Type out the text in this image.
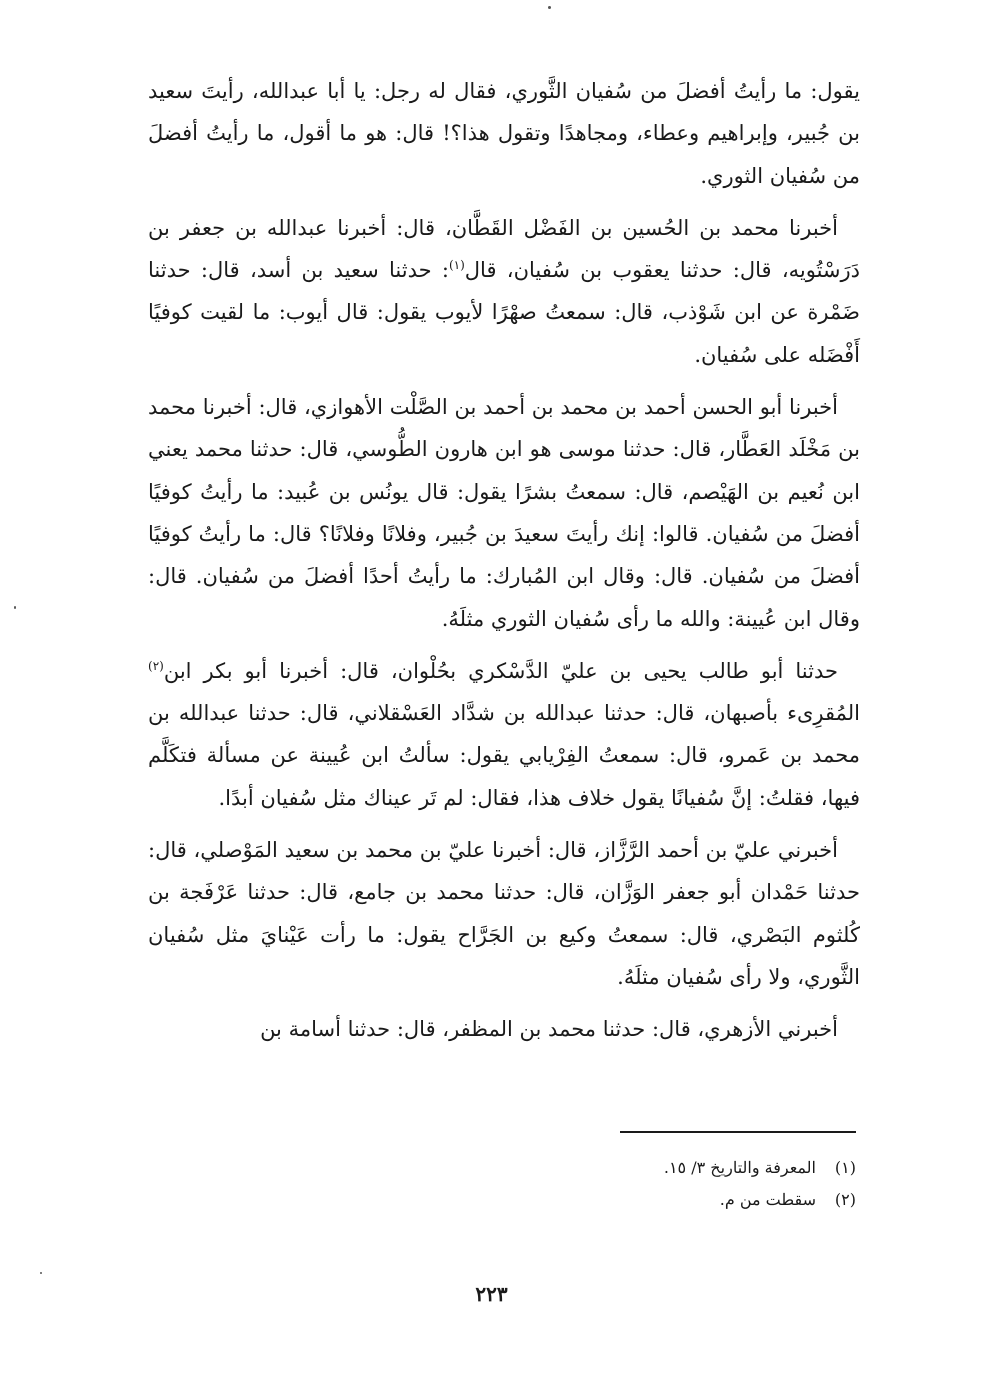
يقول: ما رأيتُ أفضلَ من سُفيان الثَّوري، فقال له رجل: يا أبا عبدالله، رأيتَ سعيد بن جُبير، وإبراهيم وعطاء، ومجاهدًا وتقول هذا؟! قال: هو ما أقول، ما رأيتُ أفضلَ من سُفيان الثوري.

أخبرنا محمد بن الحُسين بن الفَضْل القَطَّان، قال: أخبرنا عبدالله بن جعفر بن دَرَسْتُويه، قال: حدثنا يعقوب بن سُفيان، قال$^{(١)}$: حدثنا سعيد بن أسد، قال: حدثنا ضَمْرة عن ابن شَوْذب، قال: سمعتُ صهْرًا لأيوب يقول: قال أيوب: ما لقيت كوفيًا أَفْضَله على سُفيان.

أخبرنا أبو الحسن أحمد بن محمد بن أحمد بن الصَّلْت الأهوازي، قال: أخبرنا محمد بن مَخْلَد العَطَّار، قال: حدثنا موسى هو ابن هارون الطُّوسي، قال: حدثنا محمد يعني ابن نُعيم بن الهَيْصم، قال: سمعتُ بشرًا يقول: قال يونُس بن عُبيد: ما رأيتُ كوفيًا أفضلَ من سُفيان. قالوا: إنك رأيتَ سعيدَ بن جُبير، وفلانًا وفلانًا؟ قال: ما رأيتُ كوفيًا أفضلَ من سُفيان. قال: وقال ابن المُبارك: ما رأيتُ أحدًا أفضلَ من سُفيان. قال: وقال ابن عُيينة: والله ما رأى سُفيان الثوري مثلَهُ.

حدثنا أبو طالب يحيى بن عليّ الدَّسْكري بحُلْوان، قال: أخبرنا أبو بكر ابن$^{(٢)}$ المُقرِىء بأصبهان، قال: حدثنا عبدالله بن شدَّاد العَسْقلاني، قال: حدثنا عبدالله بن محمد بن عَمرو، قال: سمعتُ الفِرْيابي يقول: سألتُ ابن عُيينة عن مسألة فتكَلَّم فيها، فقلتُ: إنَّ سُفيانًا يقول خلاف هذا، فقال: لم تَر عيناك مثل سُفيان أبدًا.

أخبرني عليّ بن أحمد الرَّزَّاز، قال: أخبرنا عليّ بن محمد بن سعيد المَوْصلي، قال: حدثنا حَمْدان أبو جعفر الوَزَّان، قال: حدثنا محمد بن جامع، قال: حدثنا عَرْفَجة بن كُلثوم البَصْري، قال: سمعتُ وكيع بن الجَرَّاح يقول: ما رأت عَيْنايَ مثل سُفيان الثَّوري، ولا رأى سُفيان مثلَهُ.

أخبرني الأزهري، قال: حدثنا محمد بن المظفر، قال: حدثنا أسامة بن

(١)المعرفة والتاريخ ٣/ ١٥.
(٢)سقطت من م.
٢٢٣
